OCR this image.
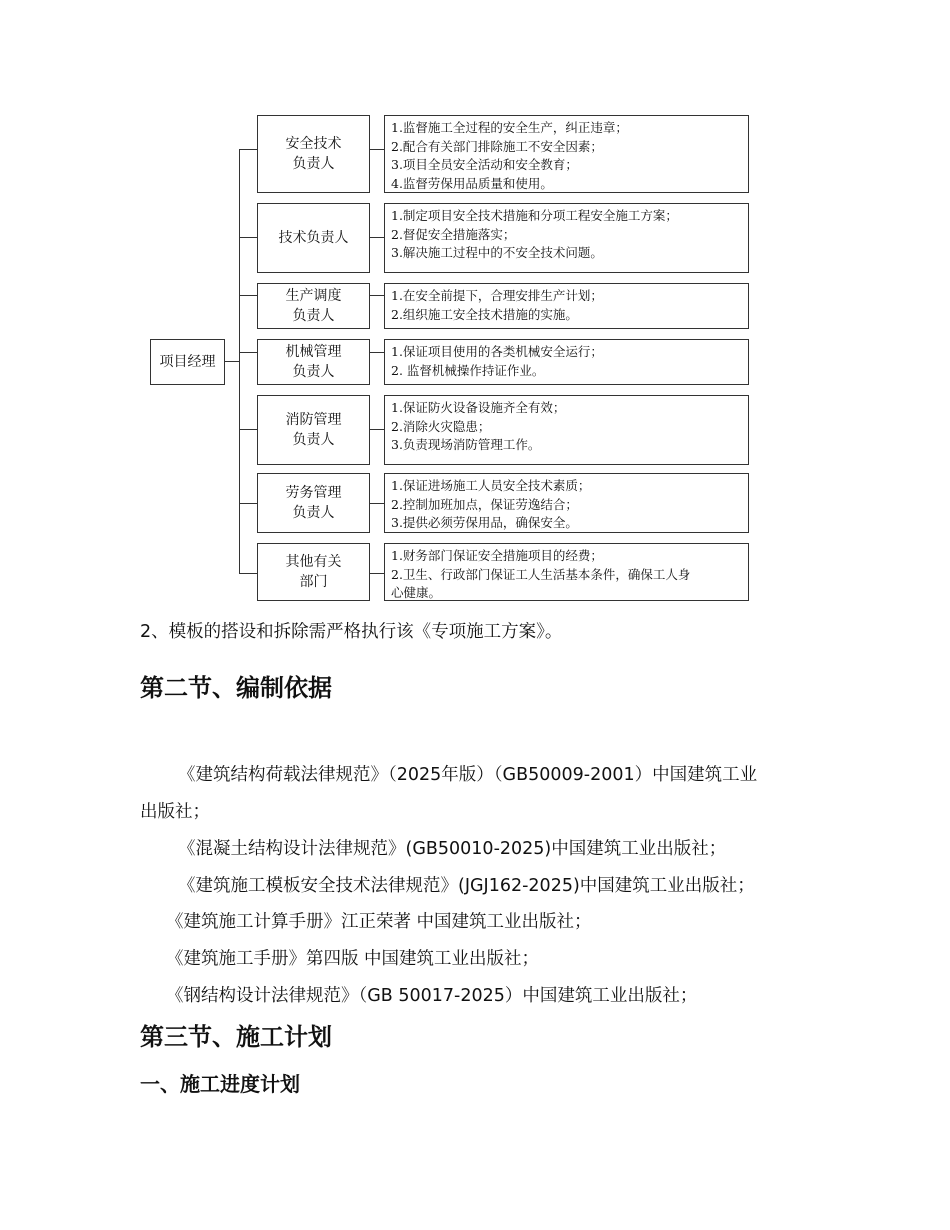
项目经理
安全技术
负责人
1.监督施工全过程的安全生产，纠正违章；
2.配合有关部门排除施工不安全因素；
3.项目全员安全活动和安全教育；
4.监督劳保用品质量和使用。
技术负责人
1.制定项目安全技术措施和分项工程安全施工方案；
2.督促安全措施落实；
3.解决施工过程中的不安全技术问题。
生产调度
负责人
1.在安全前提下，合理安排生产计划；
2.组织施工安全技术措施的实施。
机械管理
负责人
1.保证项目使用的各类机械安全运行；
2. 监督机械操作持证作业。
消防管理
负责人
1.保证防火设备设施齐全有效；
2.消除火灾隐患；
3.负责现场消防管理工作。
劳务管理
负责人
1.保证进场施工人员安全技术素质；
2.控制加班加点，保证劳逸结合；
3.提供必须劳保用品，确保安全。
其他有关
部门
1.财务部门保证安全措施项目的经费；
2.卫生、行政部门保证工人生活基本条件，确保工人身
心健康。
2、模板的搭设和拆除需严格执行该《专项施工方案》。
第二节、编制依据
《建筑结构荷载法律规范》（2025年版）（GB50009-2001）中国建筑工业
出版社；
《混凝土结构设计法律规范》(GB50010-2025)中国建筑工业出版社；
《建筑施工模板安全技术法律规范》(JGJ162-2025)中国建筑工业出版社；
《建筑施工计算手册》江正荣著 中国建筑工业出版社；
《建筑施工手册》第四版 中国建筑工业出版社；
《钢结构设计法律规范》（GB 50017-2025）中国建筑工业出版社；
第三节、施工计划
一、施工进度计划
